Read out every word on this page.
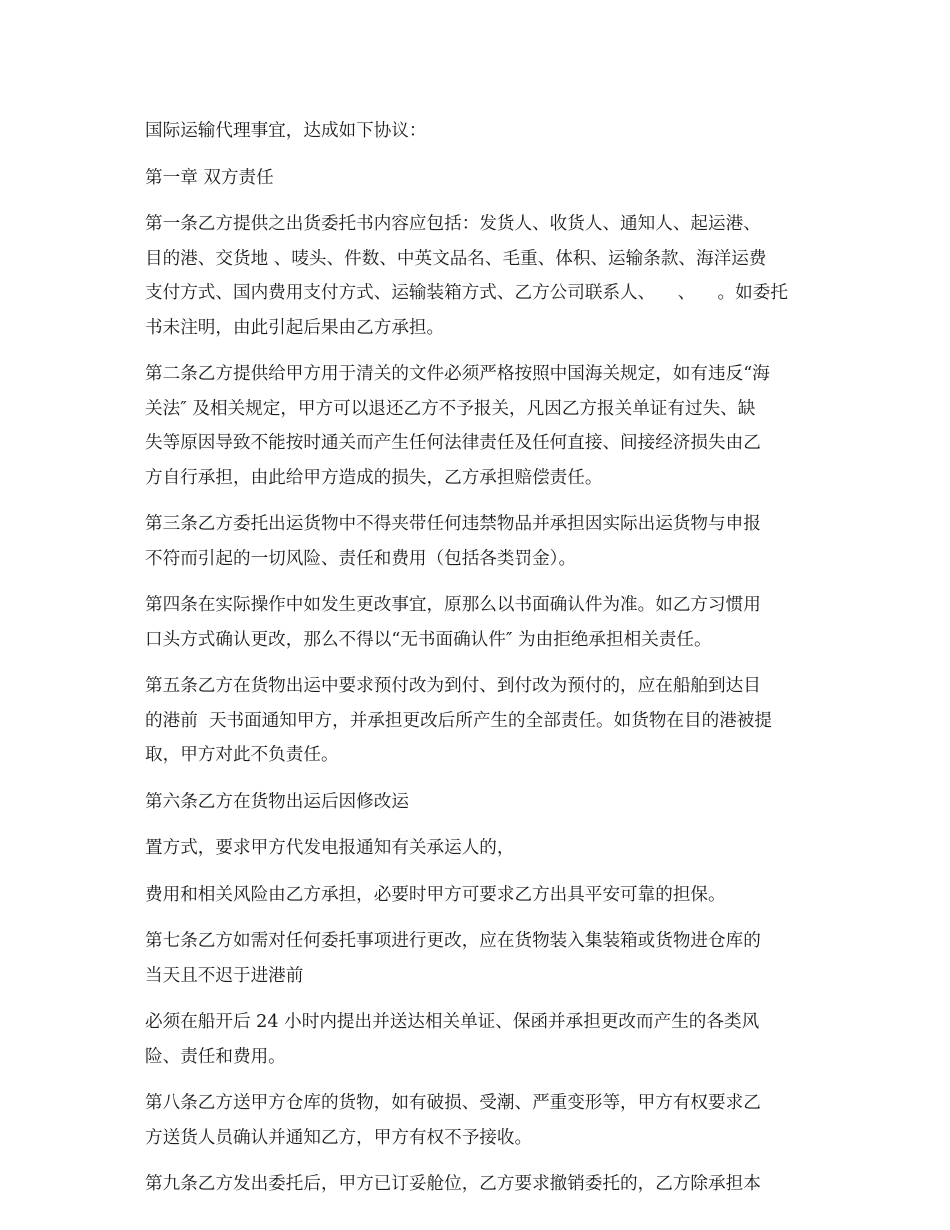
国际运输代理事宜，达成如下协议：

第一章 双方责任

第一条乙方提供之出货委托书内容应包括：发货人、收货人、通知人、起运港、
目的港、交货地 、唛头、件数、中英文品名、毛重、体积、运输条款、海洋运费
支付方式、国内费用支付方式、运输装箱方式、乙方公司联系人、    、    。如委托
书未注明，由此引起后果由乙方承担。

第二条乙方提供给甲方用于清关的文件必须严格按照中国海关规定，如有违反“海
关法″ 及相关规定，甲方可以退还乙方不予报关，凡因乙方报关单证有过失、缺
失等原因导致不能按时通关而产生任何法律责任及任何直接、间接经济损失由乙
方自行承担，由此给甲方造成的损失，乙方承担赔偿责任。

第三条乙方委托出运货物中不得夹带任何违禁物品并承担因实际出运货物与申报
不符而引起的一切风险、责任和费用（包括各类罚金）。

第四条在实际操作中如发生更改事宜，原那么以书面确认件为准。如乙方习惯用
口头方式确认更改，那么不得以“无书面确认件″ 为由拒绝承担相关责任。

第五条乙方在货物出运中要求预付改为到付、到付改为预付的，应在船舶到达目
的港前  天书面通知甲方，并承担更改后所产生的全部责任。如货物在目的港被提
取，甲方对此不负责任。

第六条乙方在货物出运后因修改运

置方式，要求甲方代发电报通知有关承运人的，

费用和相关风险由乙方承担，必要时甲方可要求乙方出具平安可靠的担保。

第七条乙方如需对任何委托事项进行更改，应在货物装入集装箱或货物进仓库的
当天且不迟于进港前

必须在船开后 24 小时内提出并送达相关单证、保函并承担更改而产生的各类风
险、责任和费用。

第八条乙方送甲方仓库的货物，如有破损、受潮、严重变形等，甲方有权要求乙
方送货人员确认并通知乙方，甲方有权不予接收。

第九条乙方发出委托后，甲方已订妥舱位，乙方要求撤销委托的，乙方除承担本
